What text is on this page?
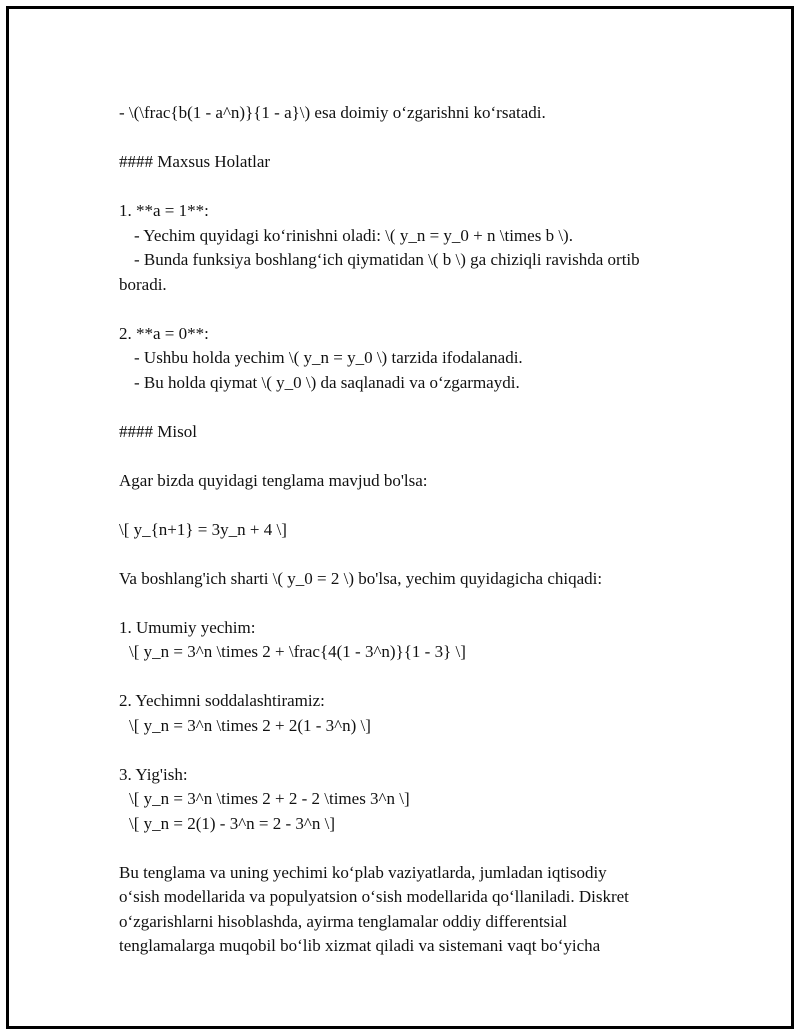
- \(\frac{b(1 - a^n)}{1 - a}\) esa doimiy o‘zgarishni ko‘rsatadi.
#### Maxsus Holatlar
1. **a = 1**:
- Yechim quyidagi ko‘rinishni oladi: \( y_n = y_0 + n \times b \).
- Bunda funksiya boshlang‘ich qiymatidan \( b \) ga chiziqli ravishda ortib
boradi.
2. **a = 0**:
- Ushbu holda yechim \( y_n = y_0 \) tarzida ifodalanadi.
- Bu holda qiymat \( y_0 \) da saqlanadi va o‘zgarmaydi.
#### Misol
Agar bizda quyidagi tenglama mavjud bo'lsa:
\[ y_{n+1} = 3y_n + 4 \]
Va boshlang'ich sharti \( y_0 = 2 \) bo'lsa, yechim quyidagicha chiqadi:
1. Umumiy yechim:
\[ y_n = 3^n \times 2 + \frac{4(1 - 3^n)}{1 - 3} \]
2. Yechimni soddalashtiramiz:
\[ y_n = 3^n \times 2 + 2(1 - 3^n) \]
3. Yig'ish:
\[ y_n = 3^n \times 2 + 2 - 2 \times 3^n \]
\[ y_n = 2(1) - 3^n = 2 - 3^n \]
Bu tenglama va uning yechimi ko‘plab vaziyatlarda, jumladan iqtisodiy
o‘sish modellarida va populyatsion o‘sish modellarida qo‘llaniladi. Diskret
o‘zgarishlarni hisoblashda, ayirma tenglamalar oddiy differentsial
tenglamalarga muqobil bo‘lib xizmat qiladi va sistemani vaqt bo‘yicha
